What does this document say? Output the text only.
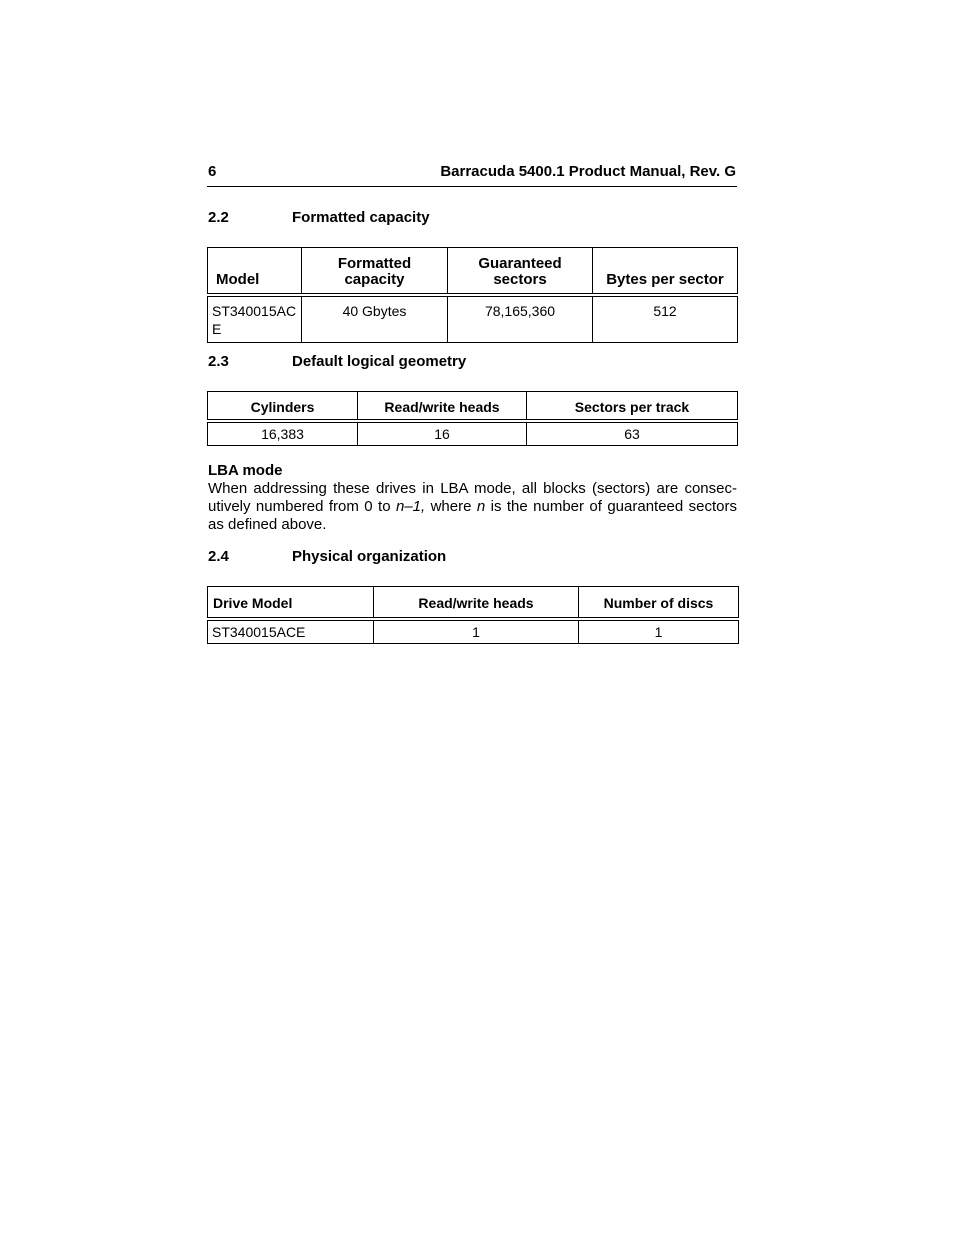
6	Barracuda 5400.1 Product Manual, Rev. G
2.2	Formatted capacity
Model	Formatted capacity	Guaranteed sectors	Bytes per sector
ST340015ACE	40 Gbytes	78,165,360	512
2.3	Default logical geometry
Cylinders	Read/write heads	Sectors per track
16,383	16	63
LBA mode
When addressing these drives in LBA mode, all blocks (sectors) are consec-utively numbered from 0 to n–1, where n is the number of guaranteed sectors as defined above.
2.4	Physical organization
Drive Model	Read/write heads	Number of discs
ST340015ACE	1	1
